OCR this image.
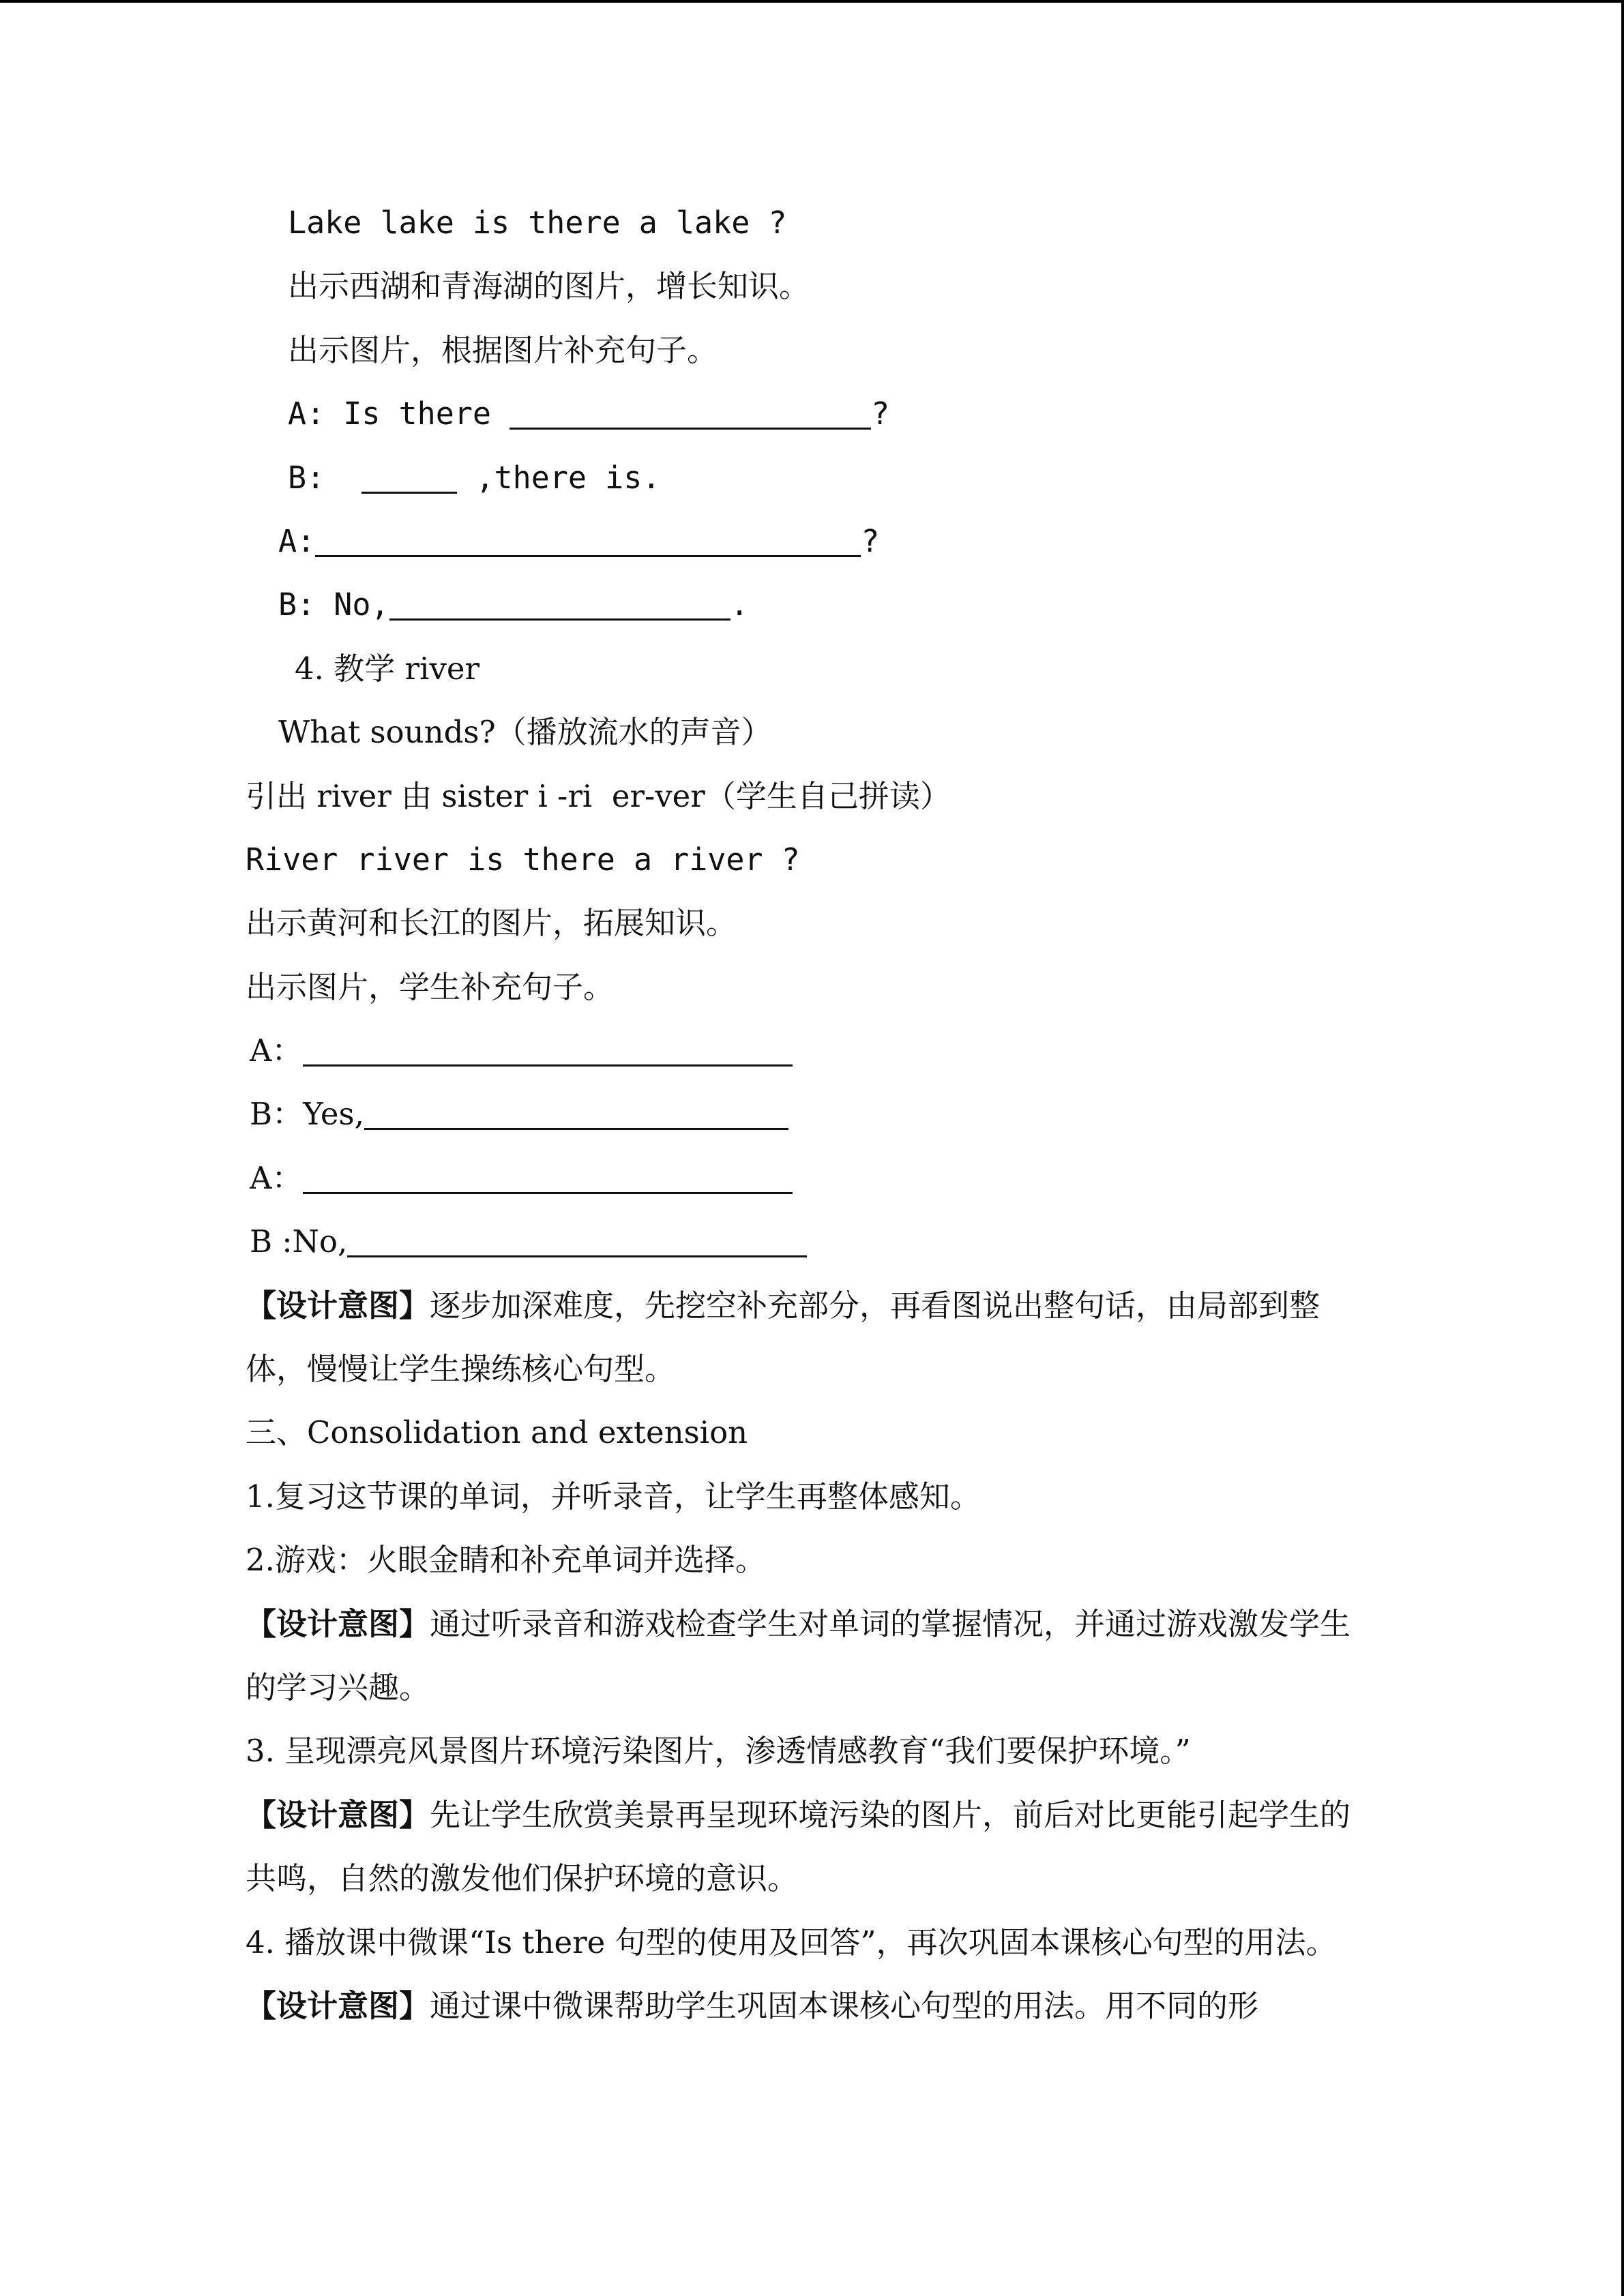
Lake lake is there a lake ?
出示西湖和青海湖的图片，增长知识。
出示图片，根据图片补充句子。
A: Is there	?
B:	,there is.
A:	?
B: No,	.
4. 教学 river
What sounds?（播放流水的声音）
引出 river 由 sister i -ri  er-ver（学生自己拼读）
River river is there a river ?
出示黄河和长江的图片，拓展知识。
出示图片，学生补充句子。
A：
B：Yes,
A：
B :No,
【设计意图】逐步加深难度，先挖空补充部分，再看图说出整句话，由局部到整体，慢慢让学生操练核心句型。
三、Consolidation and extension
1.复习这节课的单词，并听录音，让学生再整体感知。
2.游戏：火眼金睛和补充单词并选择。
【设计意图】通过听录音和游戏检查学生对单词的掌握情况，并通过游戏激发学生的学习兴趣。
3. 呈现漂亮风景图片环境污染图片，渗透情感教育“我们要保护环境。”
【设计意图】先让学生欣赏美景再呈现环境污染的图片，前后对比更能引起学生的共鸣，自然的激发他们保护环境的意识。
4. 播放课中微课“Is there 句型的使用及回答”，再次巩固本课核心句型的用法。
【设计意图】通过课中微课帮助学生巩固本课核心句型的用法。用不同的形
